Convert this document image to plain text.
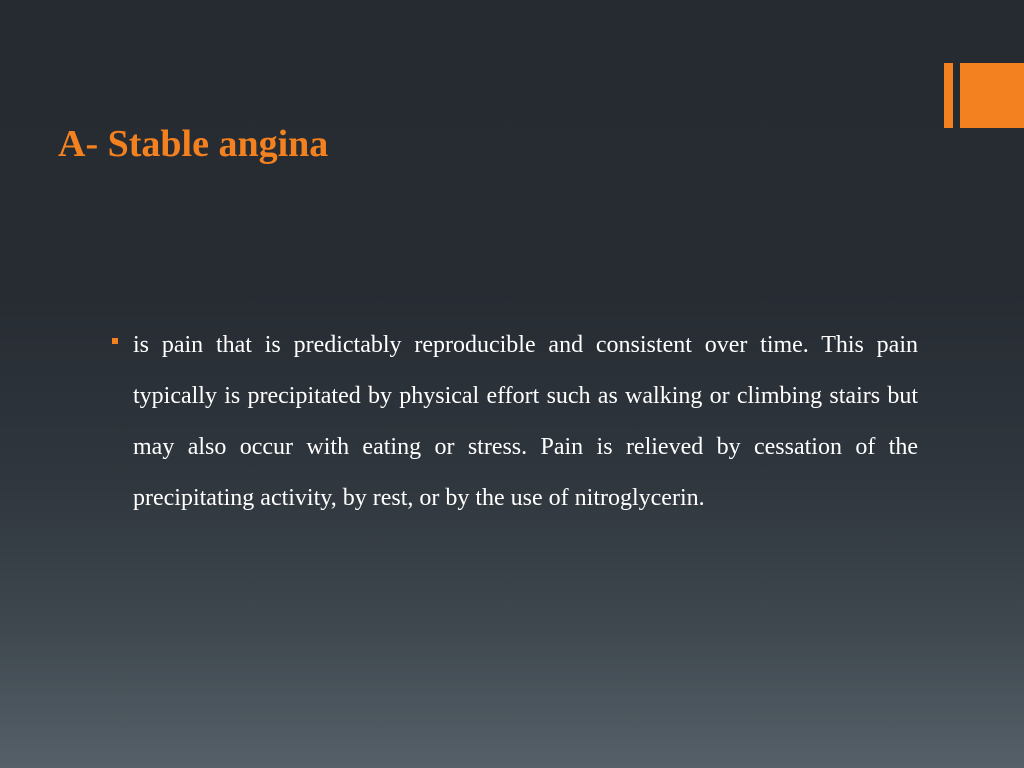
A- Stable angina

is pain that is predictably reproducible and consistent over time. This pain typically is precipitated by physical effort such as walking or climbing stairs but may also occur with eating or stress. Pain is relieved by cessation of the precipitating activity, by rest, or by the use of nitroglycerin.
